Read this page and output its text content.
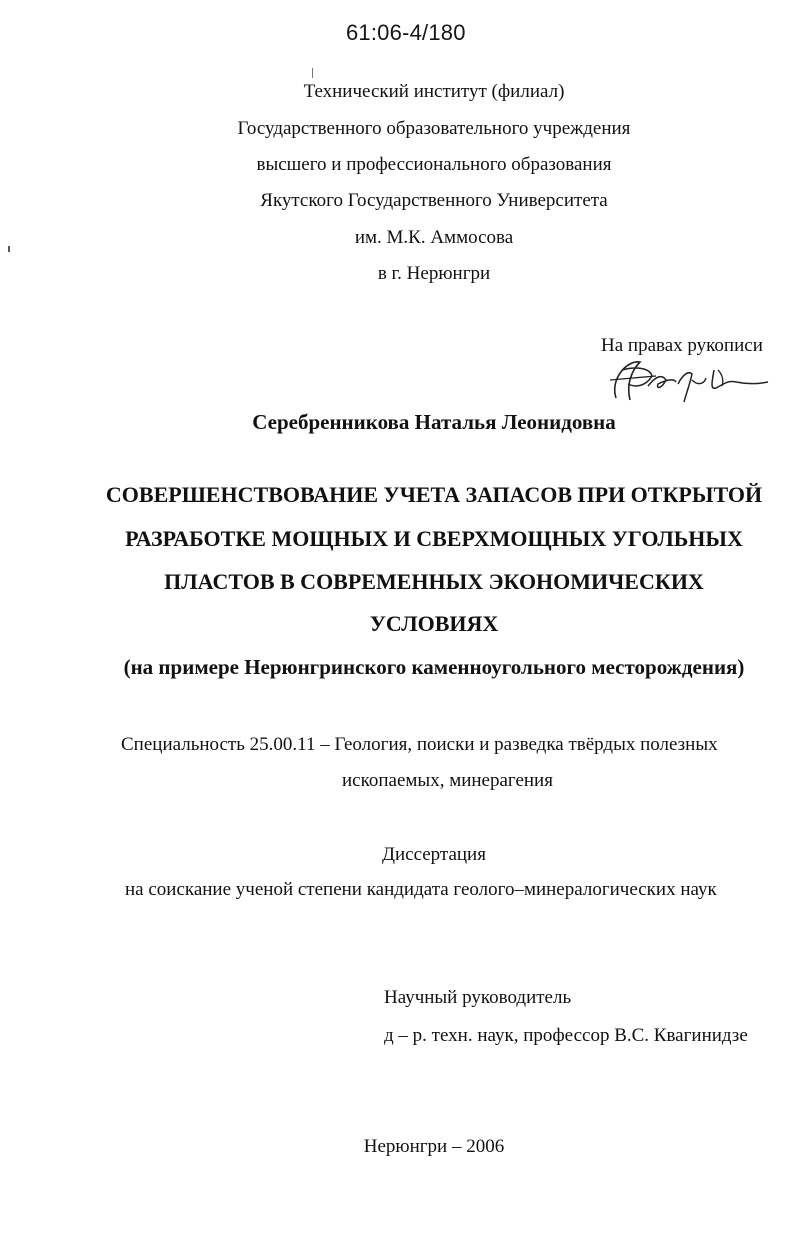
61:06-4/180
Технический институт (филиал)
Государственного образовательного учреждения
высшего и профессионального образования
Якутского Государственного Университета
им. М.К. Аммосова
в г. Нерюнгри
На правах рукописи
Серебренникова Наталья Леонидовна
СОВЕРШЕНСТВОВАНИЕ УЧЕТА ЗАПАСОВ ПРИ ОТКРЫТОЙ
РАЗРАБОТКЕ МОЩНЫХ И СВЕРХМОЩНЫХ УГОЛЬНЫХ
ПЛАСТОВ В СОВРЕМЕННЫХ ЭКОНОМИЧЕСКИХ
УСЛОВИЯХ
(на примере Нерюнгринского каменноугольного месторождения)
Специальность 25.00.11 – Геология, поиски и разведка твёрдых полезных
ископаемых, минерагения
Диссертация
на соискание ученой степени кандидата геолого–минералогических наук
Научный руководитель
д – р. техн. наук, профессор В.С. Квагинидзе
Нерюнгри – 2006
